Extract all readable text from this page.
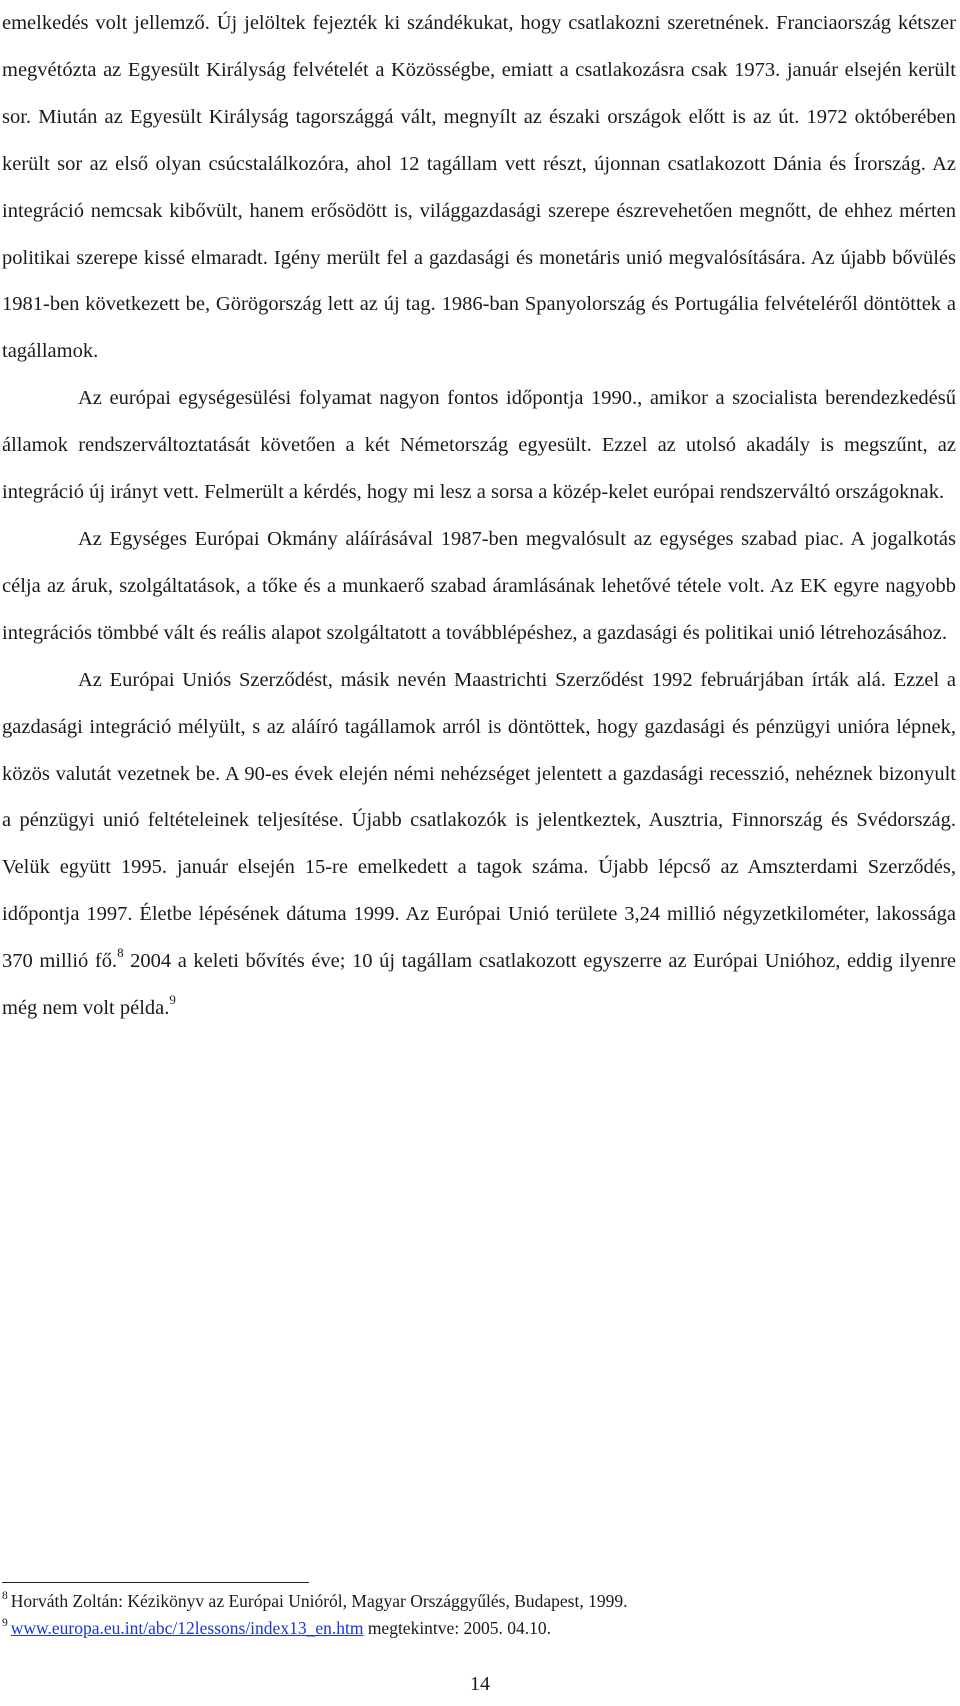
emelkedés volt jellemző. Új jelöltek fejezték ki szándékukat, hogy csatlakozni szeretnének. Franciaország kétszer megvétózta az Egyesült Királyság felvételét a Közösségbe, emiatt a csatlakozásra csak 1973. január elsején került sor. Miután az Egyesült Királyság tagországgá vált, megnyílt az északi országok előtt is az út. 1972 októberében került sor az első olyan csúcstalálkozóra, ahol 12 tagállam vett részt, újonnan csatlakozott Dánia és Írország. Az integráció nemcsak kibővült, hanem erősödött is, világgazdasági szerepe észrevehetően megnőtt, de ehhez mérten politikai szerepe kissé elmaradt. Igény merült fel a gazdasági és monetáris unió megvalósítására. Az újabb bővülés 1981-ben következett be, Görögország lett az új tag. 1986-ban Spanyolország és Portugália felvételéről döntöttek a tagállamok.

Az európai egységesülési folyamat nagyon fontos időpontja 1990., amikor a szocialista berendezkedésű államok rendszerváltoztatását követően a két Németország egyesült. Ezzel az utolsó akadály is megszűnt, az integráció új irányt vett. Felmerült a kérdés, hogy mi lesz a sorsa a közép-kelet európai rendszerváltó országoknak.

Az Egységes Európai Okmány aláírásával 1987-ben megvalósult az egységes szabad piac. A jogalkotás célja az áruk, szolgáltatások, a tőke és a munkaerő szabad áramlásának lehetővé tétele volt. Az EK egyre nagyobb integrációs tömbbé vált és reális alapot szolgáltatott a továbblépéshez, a gazdasági és politikai unió létrehozásához.

Az Európai Uniós Szerződést, másik nevén Maastrichti Szerződést 1992 februárjában írták alá. Ezzel a gazdasági integráció mélyült, s az aláíró tagállamok arról is döntöttek, hogy gazdasági és pénzügyi unióra lépnek, közös valutát vezetnek be. A 90-es évek elején némi nehézséget jelentett a gazdasági recesszió, nehéznek bizonyult a pénzügyi unió feltételeinek teljesítése. Újabb csatlakozók is jelentkeztek, Ausztria, Finnország és Svédország. Velük együtt 1995. január elsején 15-re emelkedett a tagok száma. Újabb lépcső az Amszterdami Szerződés, időpontja 1997. Életbe lépésének dátuma 1999. Az Európai Unió területe 3,24 millió négyzetkilométer, lakossága 370 millió fő.$^8$ 2004 a keleti bővítés éve; 10 új tagállam csatlakozott egyszerre az Európai Unióhoz, eddig ilyenre még nem volt példa.$^9$

$^8$ Horváth Zoltán: Kézikönyv az Európai Unióról, Magyar Országgyűlés, Budapest, 1999.
$^9$ www.europa.eu.int/abc/12lessons/index13_en.htm megtekintve: 2005. 04.10.
14
